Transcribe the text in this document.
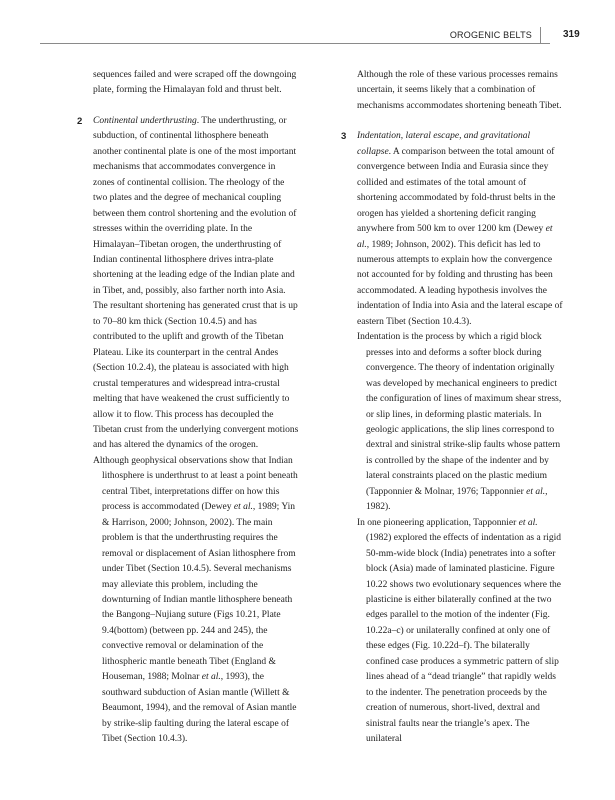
OROGENIC BELTS	319

sequences failed and were scraped off the downgoing plate, forming the Himalayan fold and thrust belt.

2 Continental underthrusting. The underthrusting, or subduction, of continental lithosphere beneath another continental plate is one of the most important mechanisms that accommodates convergence in zones of continental collision. The rheology of the two plates and the degree of mechanical coupling between them control shortening and the evolution of stresses within the overriding plate. In the Himalayan–Tibetan orogen, the underthrusting of Indian continental lithosphere drives intra-plate shortening at the leading edge of the Indian plate and in Tibet, and, possibly, also farther north into Asia. The resultant shortening has generated crust that is up to 70–80 km thick (Section 10.4.5) and has contributed to the uplift and growth of the Tibetan Plateau. Like its counterpart in the central Andes (Section 10.2.4), the plateau is associated with high crustal temperatures and widespread intra-crustal melting that have weakened the crust sufficiently to allow it to flow. This process has decoupled the Tibetan crust from the underlying convergent motions and has altered the dynamics of the orogen.

Although geophysical observations show that Indian lithosphere is underthrust to at least a point beneath central Tibet, interpretations differ on how this process is accommodated (Dewey et al., 1989; Yin & Harrison, 2000; Johnson, 2002). The main problem is that the underthrusting requires the removal or displacement of Asian lithosphere from under Tibet (Section 10.4.5). Several mechanisms may alleviate this problem, including the downturning of Indian mantle lithosphere beneath the Bangong–Nujiang suture (Figs 10.21, Plate 9.4(bottom) (between pp. 244 and 245), the convective removal or delamination of the lithospheric mantle beneath Tibet (England & Houseman, 1988; Molnar et al., 1993), the southward subduction of Asian mantle (Willett & Beaumont, 1994), and the removal of Asian mantle by strike-slip faulting during the lateral escape of Tibet (Section 10.4.3).

Although the role of these various processes remains uncertain, it seems likely that a combination of mechanisms accommodates shortening beneath Tibet.

3 Indentation, lateral escape, and gravitational collapse. A comparison between the total amount of convergence between India and Eurasia since they collided and estimates of the total amount of shortening accommodated by fold-thrust belts in the orogen has yielded a shortening deficit ranging anywhere from 500 km to over 1200 km (Dewey et al., 1989; Johnson, 2002). This deficit has led to numerous attempts to explain how the convergence not accounted for by folding and thrusting has been accommodated. A leading hypothesis involves the indentation of India into Asia and the lateral escape of eastern Tibet (Section 10.4.3).

Indentation is the process by which a rigid block presses into and deforms a softer block during convergence. The theory of indentation originally was developed by mechanical engineers to predict the configuration of lines of maximum shear stress, or slip lines, in deforming plastic materials. In geologic applications, the slip lines correspond to dextral and sinistral strike-slip faults whose pattern is controlled by the shape of the indenter and by lateral constraints placed on the plastic medium (Tapponnier & Molnar, 1976; Tapponnier et al., 1982).

In one pioneering application, Tapponnier et al. (1982) explored the effects of indentation as a rigid 50-mm-wide block (India) penetrates into a softer block (Asia) made of laminated plasticine. Figure 10.22 shows two evolutionary sequences where the plasticine is either bilaterally confined at the two edges parallel to the motion of the indenter (Fig. 10.22a–c) or unilaterally confined at only one of these edges (Fig. 10.22d–f). The bilaterally confined case produces a symmetric pattern of slip lines ahead of a “dead triangle” that rapidly welds to the indenter. The penetration proceeds by the creation of numerous, short-lived, dextral and sinistral faults near the triangle’s apex. The unilateral
